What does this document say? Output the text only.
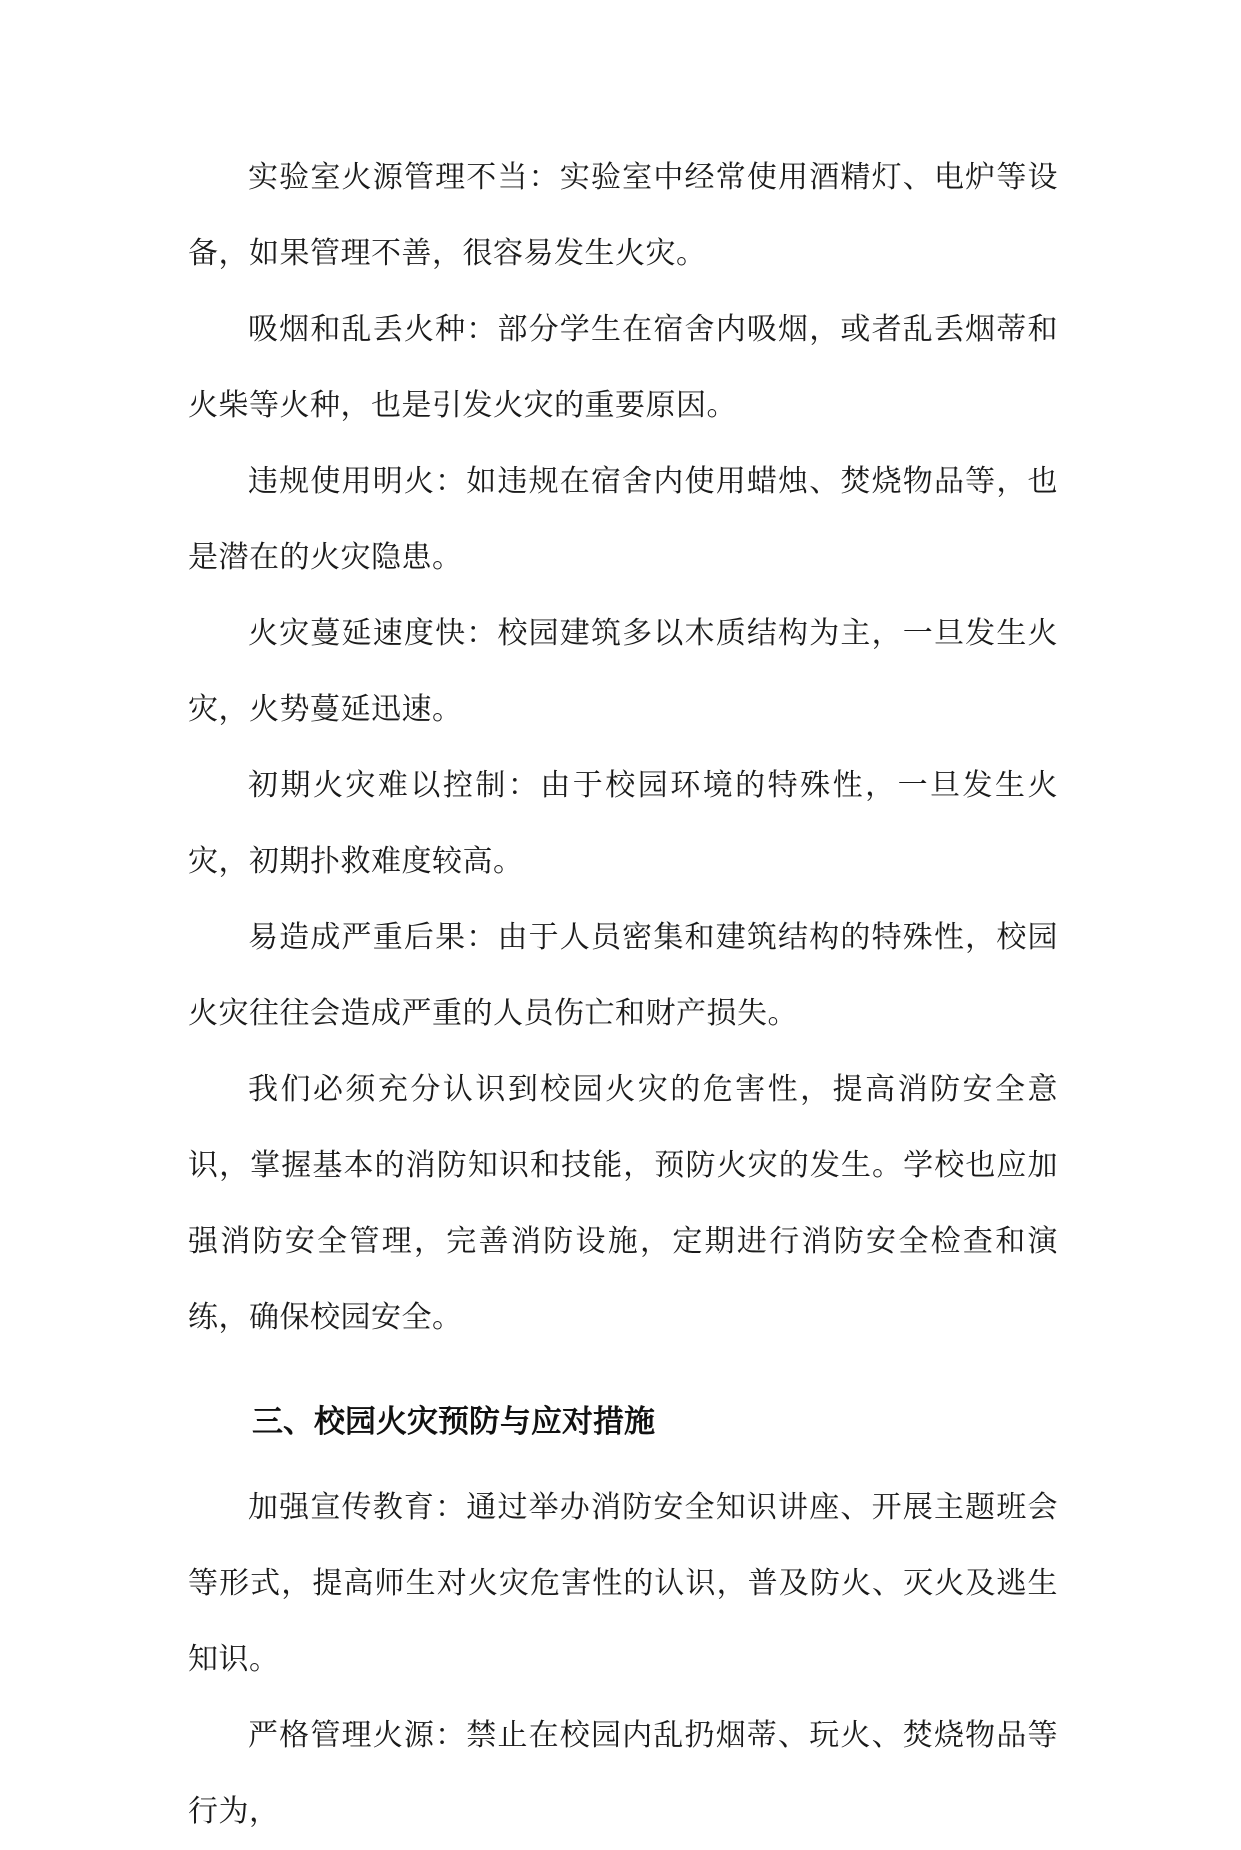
实验室火源管理不当：实验室中经常使用酒精灯、电炉等设备，如果管理不善，很容易发生火灾。

吸烟和乱丢火种：部分学生在宿舍内吸烟，或者乱丢烟蒂和火柴等火种，也是引发火灾的重要原因。

违规使用明火：如违规在宿舍内使用蜡烛、焚烧物品等，也是潜在的火灾隐患。

火灾蔓延速度快：校园建筑多以木质结构为主，一旦发生火灾，火势蔓延迅速。

初期火灾难以控制：由于校园环境的特殊性，一旦发生火灾，初期扑救难度较高。

易造成严重后果：由于人员密集和建筑结构的特殊性，校园火灾往往会造成严重的人员伤亡和财产损失。

我们必须充分认识到校园火灾的危害性，提高消防安全意识，掌握基本的消防知识和技能，预防火灾的发生。学校也应加强消防安全管理，完善消防设施，定期进行消防安全检查和演练，确保校园安全。

三、校园火灾预防与应对措施

加强宣传教育：通过举办消防安全知识讲座、开展主题班会等形式，提高师生对火灾危害性的认识，普及防火、灭火及逃生知识。

严格管理火源：禁止在校园内乱扔烟蒂、玩火、焚烧物品等行为，
